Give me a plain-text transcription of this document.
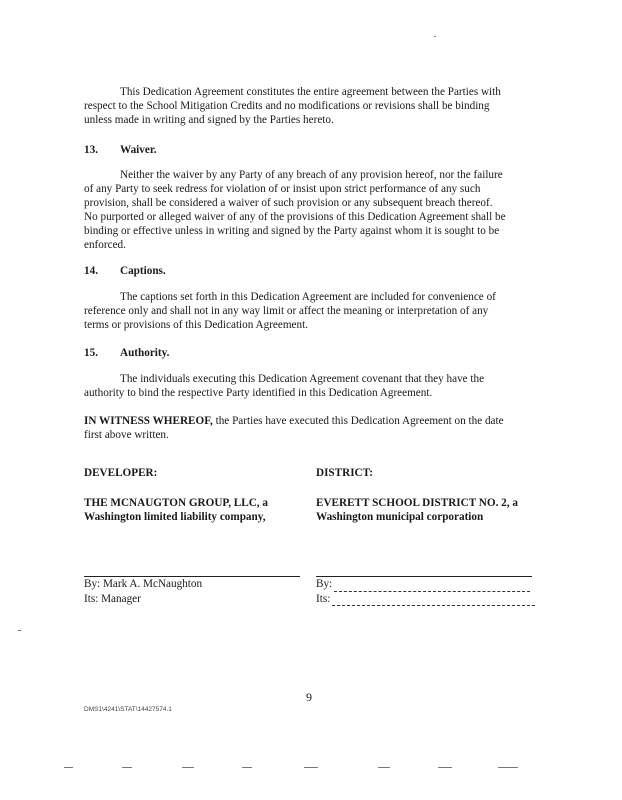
This Dedication Agreement constitutes the entire agreement between the Parties with
respect to the School Mitigation Credits and no modifications or revisions shall be binding
unless made in writing and signed by the Parties hereto.
13. Waiver.
Neither the waiver by any Party of any breach of any provision hereof, nor the failure
of any Party to seek redress for violation of or insist upon strict performance of any such
provision, shall be considered a waiver of such provision or any subsequent breach thereof.
No purported or alleged waiver of any of the provisions of this Dedication Agreement shall be
binding or effective unless in writing and signed by the Party against whom it is sought to be
enforced.
14. Captions.
The captions set forth in this Dedication Agreement are included for convenience of
reference only and shall not in any way limit or affect the meaning or interpretation of any
terms or provisions of this Dedication Agreement.
15. Authority.
The individuals executing this Dedication Agreement covenant that they have the
authority to bind the respective Party identified in this Dedication Agreement.
IN WITNESS WHEREOF, the Parties have executed this Dedication Agreement on the date
first above written.
DEVELOPER:
THE MCNAUGTON GROUP, LLC, a
Washington limited liability company,
By: Mark A. McNaughton
Its: Manager
DISTRICT:
EVERETT SCHOOL DISTRICT NO. 2, a
Washington municipal corporation
By:
Its:
9
DMS1\4241\STAT\14427574.1
